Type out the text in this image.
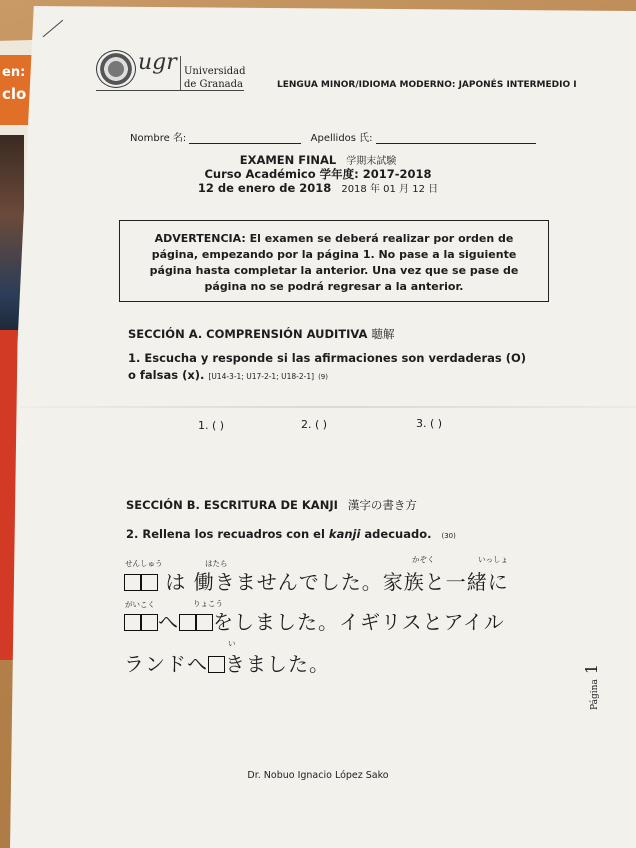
en:
clo
ugr Universidad
de Granada	LENGUA MINOR/IDIOMA MODERNO: JAPONÉS INTERMEDIO I
Nombre 名:	Apellidos 氏:
EXAMEN FINAL 学期末試験
Curso Académico 学年度: 2017-2018
12 de enero de 2018 2018 年 01 月 12 日
ADVERTENCIA: El examen se deberá realizar por orden de
página, empezando por la página 1. No pase a la siguiente
página hasta completar la anterior. Una vez que se pase de
página no se podrá regresar a la anterior.
SECCIÓN A. COMPRENSIÓN AUDITIVA 聴解
1. Escucha y responde si las afirmaciones son verdaderas (O)
o falsas (x). [U14-3-1; U17-2-1; U18-2-1] (9)
1. ( )	2. ( )	3. ( )
SECCIÓN B. ESCRITURA DE KANJI 漢字の書き方
2. Rellena los recuadros con el kanji adecuado. (30)
せんしゅう	はたら	かぞく	いっしょ
がいこく	りょこう
い
は 働きませんでした。家族と一緒に
へ をしました。イギリスとアイル
ランドへ きました。
Dr. Nobuo Ignacio López Sako
Página 1
